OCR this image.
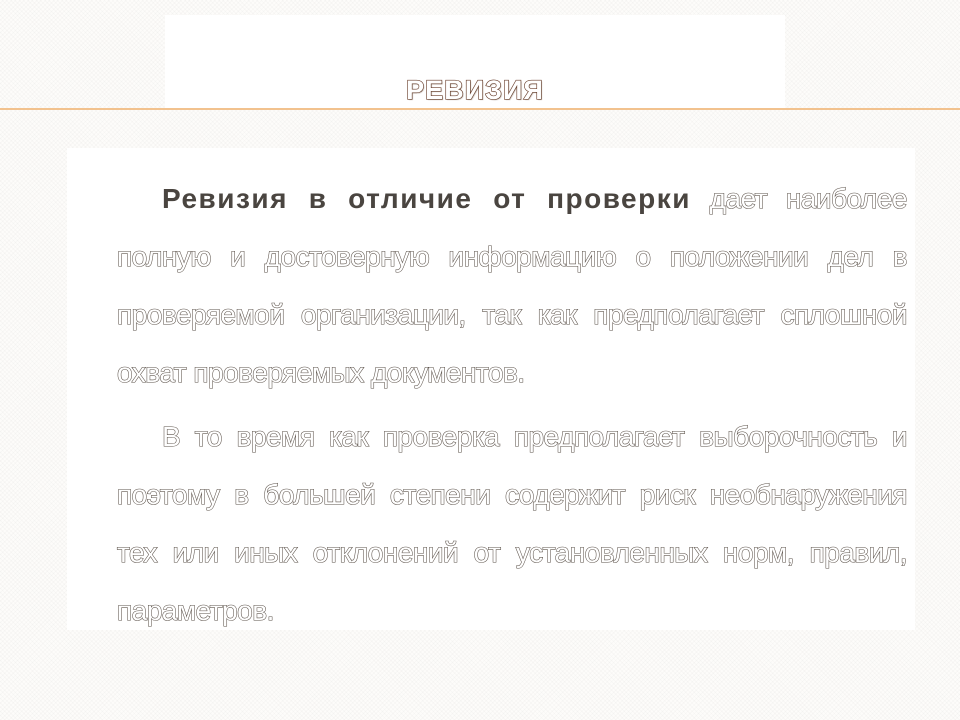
РЕВИЗИЯ

Ревизия в отличие от проверки дает наиболее полную и достоверную информацию о положении дел в проверяемой организации, так как предполагает сплошной охват проверяемых документов.

В то время как проверка предполагает выборочность и поэтому в большей степени содержит риск необнаружения тех или иных отклонений от установленных норм, правил, параметров.
